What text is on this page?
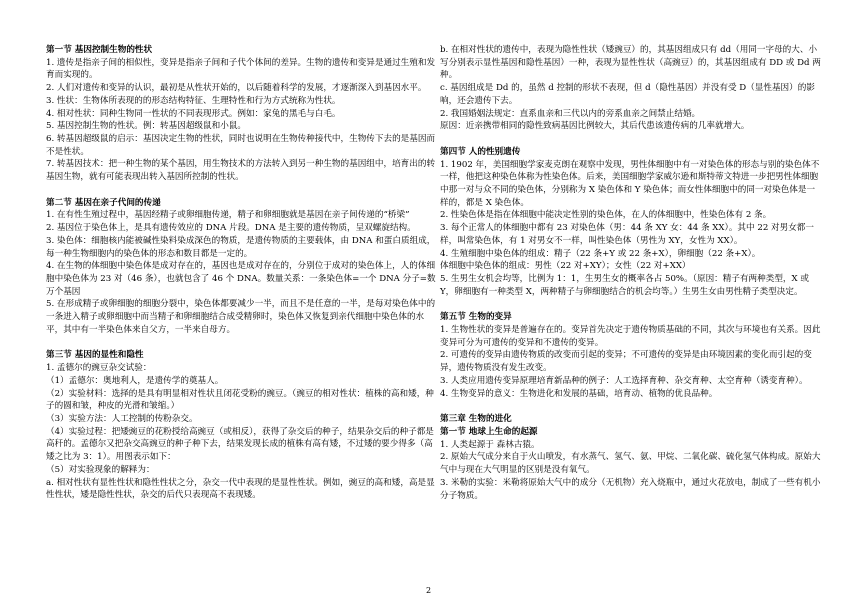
第一节 基因控制生物的性状
1. 遗传是指亲子间的相似性，变异是指亲子间和子代个体间的差异。生物的遗传和变异是通过生殖和发育而实现的。
2. 人们对遗传和变异的认识，最初是从性状开始的，以后随着科学的发展，才逐渐深入到基因水平。
3. 性状：生物体所表现的的形态结构特征、生理特性和行为方式统称为性状。
4. 相对性状：同种生物同一性状的不同表现形式。例如：家兔的黑毛与白毛。
5. 基因控制生物的性状。例：转基因超级鼠和小鼠。
6. 转基因超级鼠的启示：基因决定生物的性状，同时也说明在生物传种接代中，生物传下去的是基因而不是性状。
7. 转基因技术：把一种生物的某个基因，用生物技术的方法转入到另一种生物的基因组中，培育出的转基因生物，就有可能表现出转入基因所控制的性状。
第二节 基因在亲子代间的传递
1. 在有性生殖过程中，基因经精子或卵细胞传递，精子和卵细胞就是基因在亲子间传递的“桥梁”
2. 基因位于染色体上，是具有遗传效应的 DNA 片段。DNA 是主要的遗传物质，呈双螺旋结构。
3. 染色体：细胞核内能被碱性染料染成深色的物质，是遗传物质的主要载体，由 DNA 和蛋白质组成，每一种生物细胞内的染色体的形态和数目都是一定的。
4. 在生物的体细胞中染色体是成对存在的，基因也是成对存在的，分别位于成对的染色体上，人的体细胞中染色体为 23 对（46 条），也就包含了 46 个 DNA。数量关系：一条染色体=一个 DNA 分子=数万个基因
5. 在形成精子或卵细胞的细胞分裂中，染色体都要减少一半，而且不是任意的一半，是每对染色体中的一条进入精子或卵细胞中而当精子和卵细胞结合成受精卵时，染色体又恢复到亲代细胞中染色体的水平，其中有一半染色体来自父方，一半来自母方。
第三节 基因的显性和隐性
1. 孟德尔的豌豆杂交试验：
（1）孟德尔：奥地利人，是遗传学的奠基人。
（2）实验材料：选择的是具有明显相对性状且闭花受粉的豌豆。（豌豆的相对性状：植株的高和矮，种子的圆和皱，种皮的光滑和皱缩。）
（3）实验方法：人工控制的传粉杂交。
（4）实验过程：把矮豌豆的花粉授给高豌豆（或相反），获得了杂交后的种子，结果杂交后的种子都是高秆的。孟德尔又把杂交高豌豆的种子种下去，结果发现长成的植株有高有矮，不过矮的要少得多（高矮之比为 3：1）。用图表示如下：
（5）对实验现象的解释为：
a. 相对性状有显性性状和隐性性状之分，杂交一代中表现的是显性性状。例如，豌豆的高和矮，高是显性性状，矮是隐性性状，杂交的后代只表现高不表现矮。
b. 在相对性状的遗传中，表现为隐性性状（矮豌豆）的，其基因组成只有 dd（用同一字母的大、小写分别表示显性基因和隐性基因）一种，表现为显性性状（高豌豆）的，其基因组成有 DD 或 Dd 两种。
c. 基因组成是 Dd 的，虽然 d 控制的形状不表现，但 d（隐性基因）并没有受 D（显性基因）的影响，还会遗传下去。
2. 我国婚姻法规定：直系血亲和三代以内的旁系血亲之间禁止结婚。
原因：近亲携带相同的隐性致病基因比例较大，其后代患该遗传病的几率就增大。
第四节 人的性别遗传
1. 1902 年，美国细胞学家麦克朗在观察中发现，男性体细胞中有一对染色体的形态与别的染色体不一样，他把这种染色体称为性染色体。后来，美国细胞学家威尔逊和斯特蒂文特进一步把男性体细胞中那一对与众不同的染色体，分别称为 X 染色体和 Y 染色体；而女性体细胞中的同一对染色体是一样的，都是 X 染色体。
2. 性染色体是指在体细胞中能决定性别的染色体，在人的体细胞中，性染色体有 2 条。
3. 每个正常人的体细胞中都有 23 对染色体（男：44 条 XY 女：44 条 XX）。其中 22 对男女都一样，叫常染色体，有 1 对男女不一样，叫性染色体（男性为 XY，女性为 XX）。
4. 生殖细胞中染色体的组成：精子（22 条+Y 或 22 条+X），卵细胞（22 条+X）。
体细胞中染色体的组成：男性（22 对+XY）；女性（22 对+XX）
5. 生男生女机会均等，比例为 1：1，生男生女的概率各占 50%。（原因：精子有两种类型，X 或 Y，卵细胞有一种类型 X，两种精子与卵细胞结合的机会均等。）生男生女由男性精子类型决定。
第五节 生物的变异
1. 生物性状的变异是普遍存在的。变异首先决定于遗传物质基础的不同，其次与环境也有关系。因此变异可分为可遗传的变异和不遗传的变异。
2. 可遗传的变异由遗传物质的改变而引起的变异；不可遗传的变异是由环境因素的变化而引起的变异，遗传物质没有发生改变。
3. 人类应用遗传变异原理培育新品种的例子：人工选择育种、杂交育种、太空育种（诱变育种）。
4. 生物变异的意义：生物进化和发展的基础，培育动、植物的优良品种。
第三章 生物的进化
第一节 地球上生命的起源
1. 人类起源于 森林古猿。
2. 原始大气成分来自于火山喷发，有水蒸气、氢气、氨、甲烷、二氧化碳、硫化氢气体构成。原始大气中与现在大气明显的区别是没有氧气。
3. 米勒的实验：米勒将原始大气中的成分（无机物）充入烧瓶中，通过火花放电，制成了一些有机小分子物质。
2
